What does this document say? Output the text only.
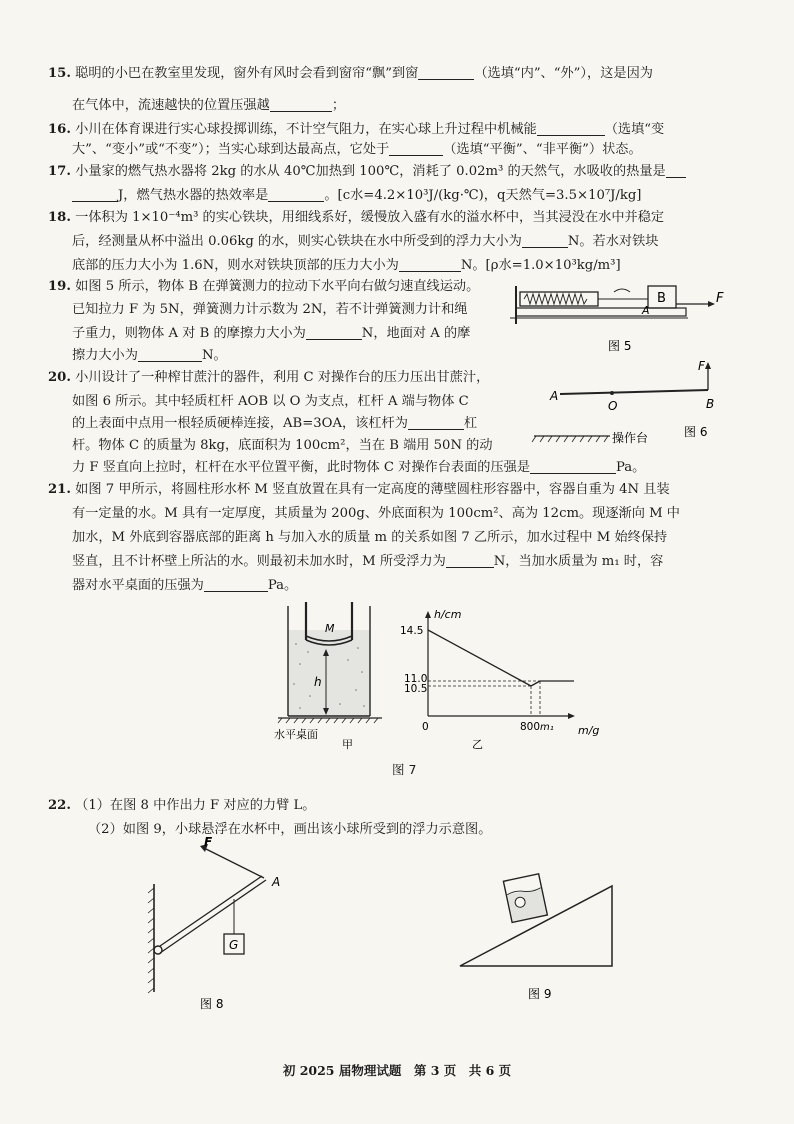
15. 聪明的小巴在教室里发现，窗外有风时会看到窗帘“飘”到窗	（选填“内”、“外”），这是因为
在气体中，流速越快的位置压强越	；
16. 小川在体育课进行实心球投掷训练，不计空气阻力，在实心球上升过程中机械能	（选填“变
大”、“变小”或“不变”）；当实心球到达最高点，它处于	（选填“平衡”、“非平衡”）状态。
17. 小量家的燃气热水器将 2kg 的水从 40℃加热到 100℃，消耗了 0.02m³ 的天然气，水吸收的热量是
J，燃气热水器的热效率是	。[c水=4.2×10³J/(kg·℃)，q天然气=3.5×10⁷J/kg]
18. 一体积为 1×10⁻⁴m³ 的实心铁块，用细线系好，缓慢放入盛有水的溢水杯中，当其浸没在水中并稳定
后，经测量从杯中溢出 0.06kg 的水，则实心铁块在水中所受到的浮力大小为	N。若水对铁块
底部的压力大小为 1.6N，则水对铁块顶部的压力大小为	N。[ρ水=1.0×10³kg/m³]
19. 如图 5 所示，物体 B 在弹簧测力的拉动下水平向右做匀速直线运动。
已知拉力 F 为 5N，弹簧测力计示数为 2N，若不计弹簧测力计和绳
子重力，则物体 A 对 B 的摩擦力大小为	N，地面对 A 的摩
擦力大小为	N。
B	F
A
图 5
20. 小川设计了一种榨甘蔗汁的器件，利用 C 对操作台的压力压出甘蔗汁，
如图 6 所示。其中轻质杠杆 AOB 以 O 为支点，杠杆 A 端与物体 C
的上表面中点用一根轻质硬棒连接，AB=3OA，该杠杆为	杠
杆。物体 C 的质量为 8kg，底面积为 100cm²，当在 B 端用 50N 的动
力 F 竖直向上拉时，杠杆在水平位置平衡，此时物体 C 对操作台表面的压强是	Pa。
A
O	B
F
操作台	图 6
21. 如图 7 甲所示，将圆柱形水杯 M 竖直放置在具有一定高度的薄壁圆柱形容器中，容器自重为 4N 且装
有一定量的水。M 具有一定厚度，其质量为 200g、外底面积为 100cm²、高为 12cm。现逐渐向 M 中
加水，M 外底到容器底部的距离 h 与加入水的质量 m 的关系如图 7 乙所示，加水过程中 M 始终保持
竖直，且不计杯壁上所沾的水。则最初未加水时，M 所受浮力为	N，当加水质量为 m₁ 时，容
器对水平桌面的压强为	Pa。
M
h
水平桌面
甲
h/cm
m/g
14.5
11.0
10.5
0	800 m₁
乙
图 7
22. （1）在图 8 中作出力 F 对应的力臂 L。
（2）如图 9，小球悬浮在水杯中，画出该小球所受到的浮力示意图。
G
F
A
图 8
图 9
初 2025 届物理试题　第 3 页　共 6 页
